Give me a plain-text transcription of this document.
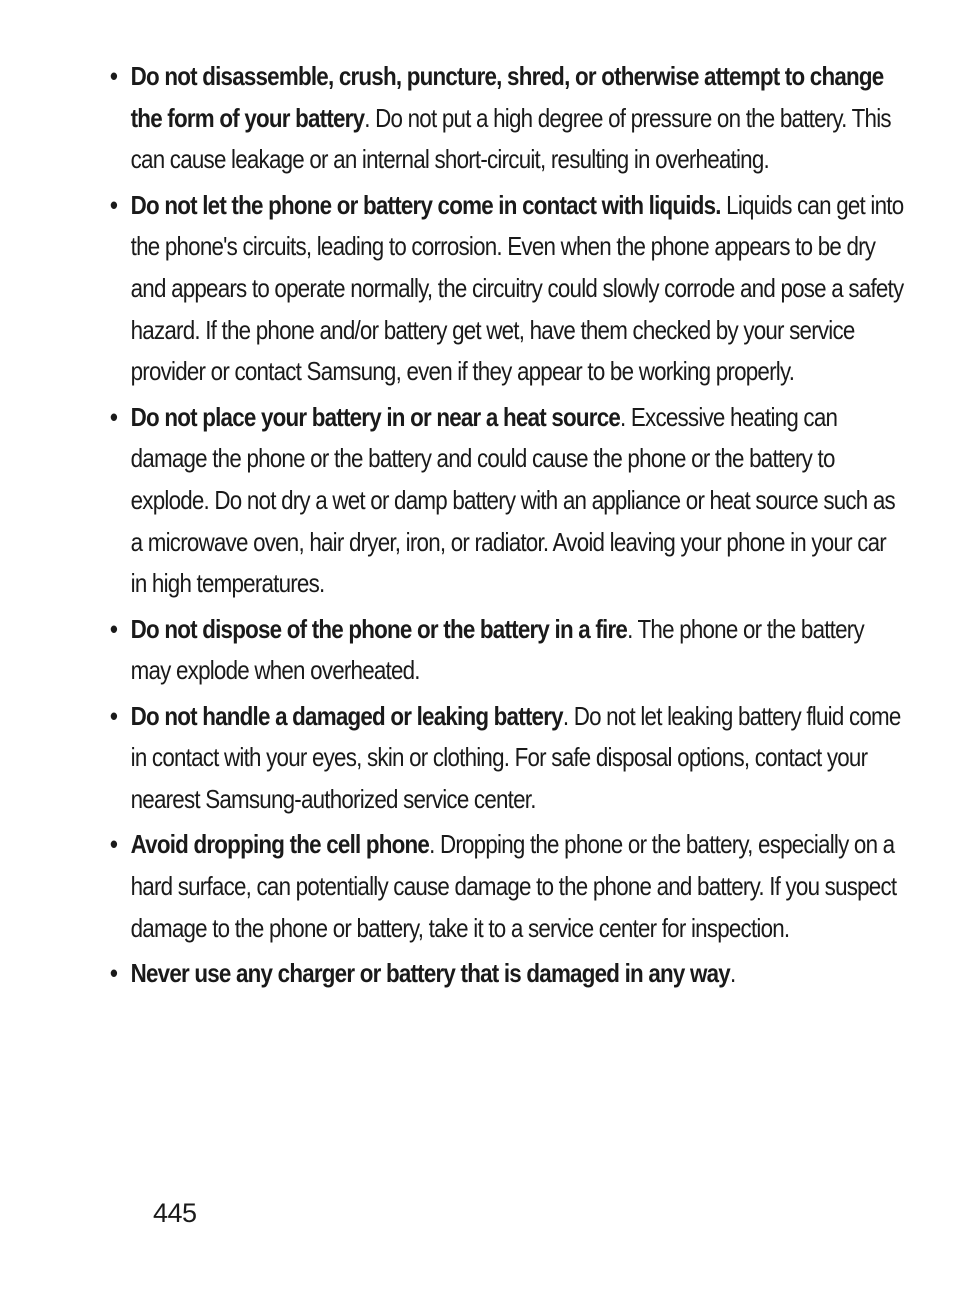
• Do not disassemble, crush, puncture, shred, or otherwise attempt to change the form of your battery. Do not put a high degree of pressure on the battery. This can cause leakage or an internal short-circuit, resulting in overheating.
• Do not let the phone or battery come in contact with liquids. Liquids can get into the phone's circuits, leading to corrosion. Even when the phone appears to be dry and appears to operate normally, the circuitry could slowly corrode and pose a safety hazard. If the phone and/or battery get wet, have them checked by your service provider or contact Samsung, even if they appear to be working properly.
• Do not place your battery in or near a heat source. Excessive heating can damage the phone or the battery and could cause the phone or the battery to explode. Do not dry a wet or damp battery with an appliance or heat source such as a microwave oven, hair dryer, iron, or radiator. Avoid leaving your phone in your car in high temperatures.
• Do not dispose of the phone or the battery in a fire. The phone or the battery may explode when overheated.
• Do not handle a damaged or leaking battery. Do not let leaking battery fluid come in contact with your eyes, skin or clothing. For safe disposal options, contact your nearest Samsung-authorized service center.
• Avoid dropping the cell phone. Dropping the phone or the battery, especially on a hard surface, can potentially cause damage to the phone and battery. If you suspect damage to the phone or battery, take it to a service center for inspection.
• Never use any charger or battery that is damaged in any way.
445
